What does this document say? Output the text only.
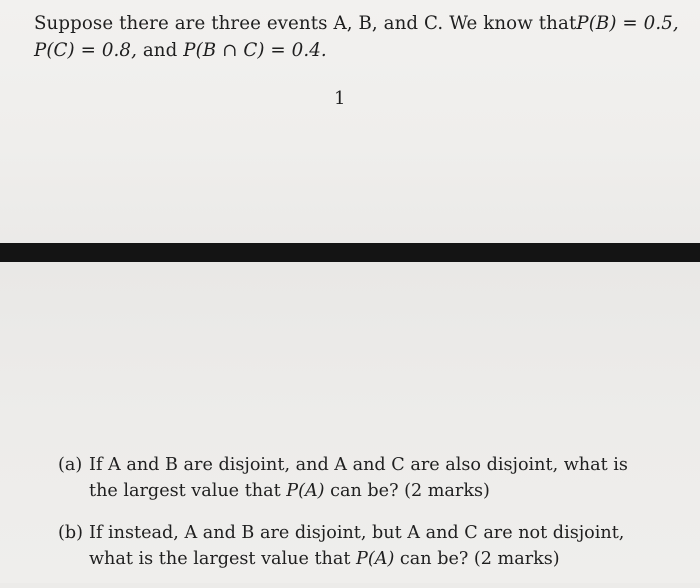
Suppose there are three events A, B, and C. We know that P(B) = 0.5,
P(C) = 0.8, and P(B ∩ C) = 0.4.
1
(a) If A and B are disjoint, and A and C are also disjoint, what is the largest value that P(A) can be? (2 marks)
(b) If instead, A and B are disjoint, but A and C are not disjoint, what is the largest value that P(A) can be? (2 marks)
